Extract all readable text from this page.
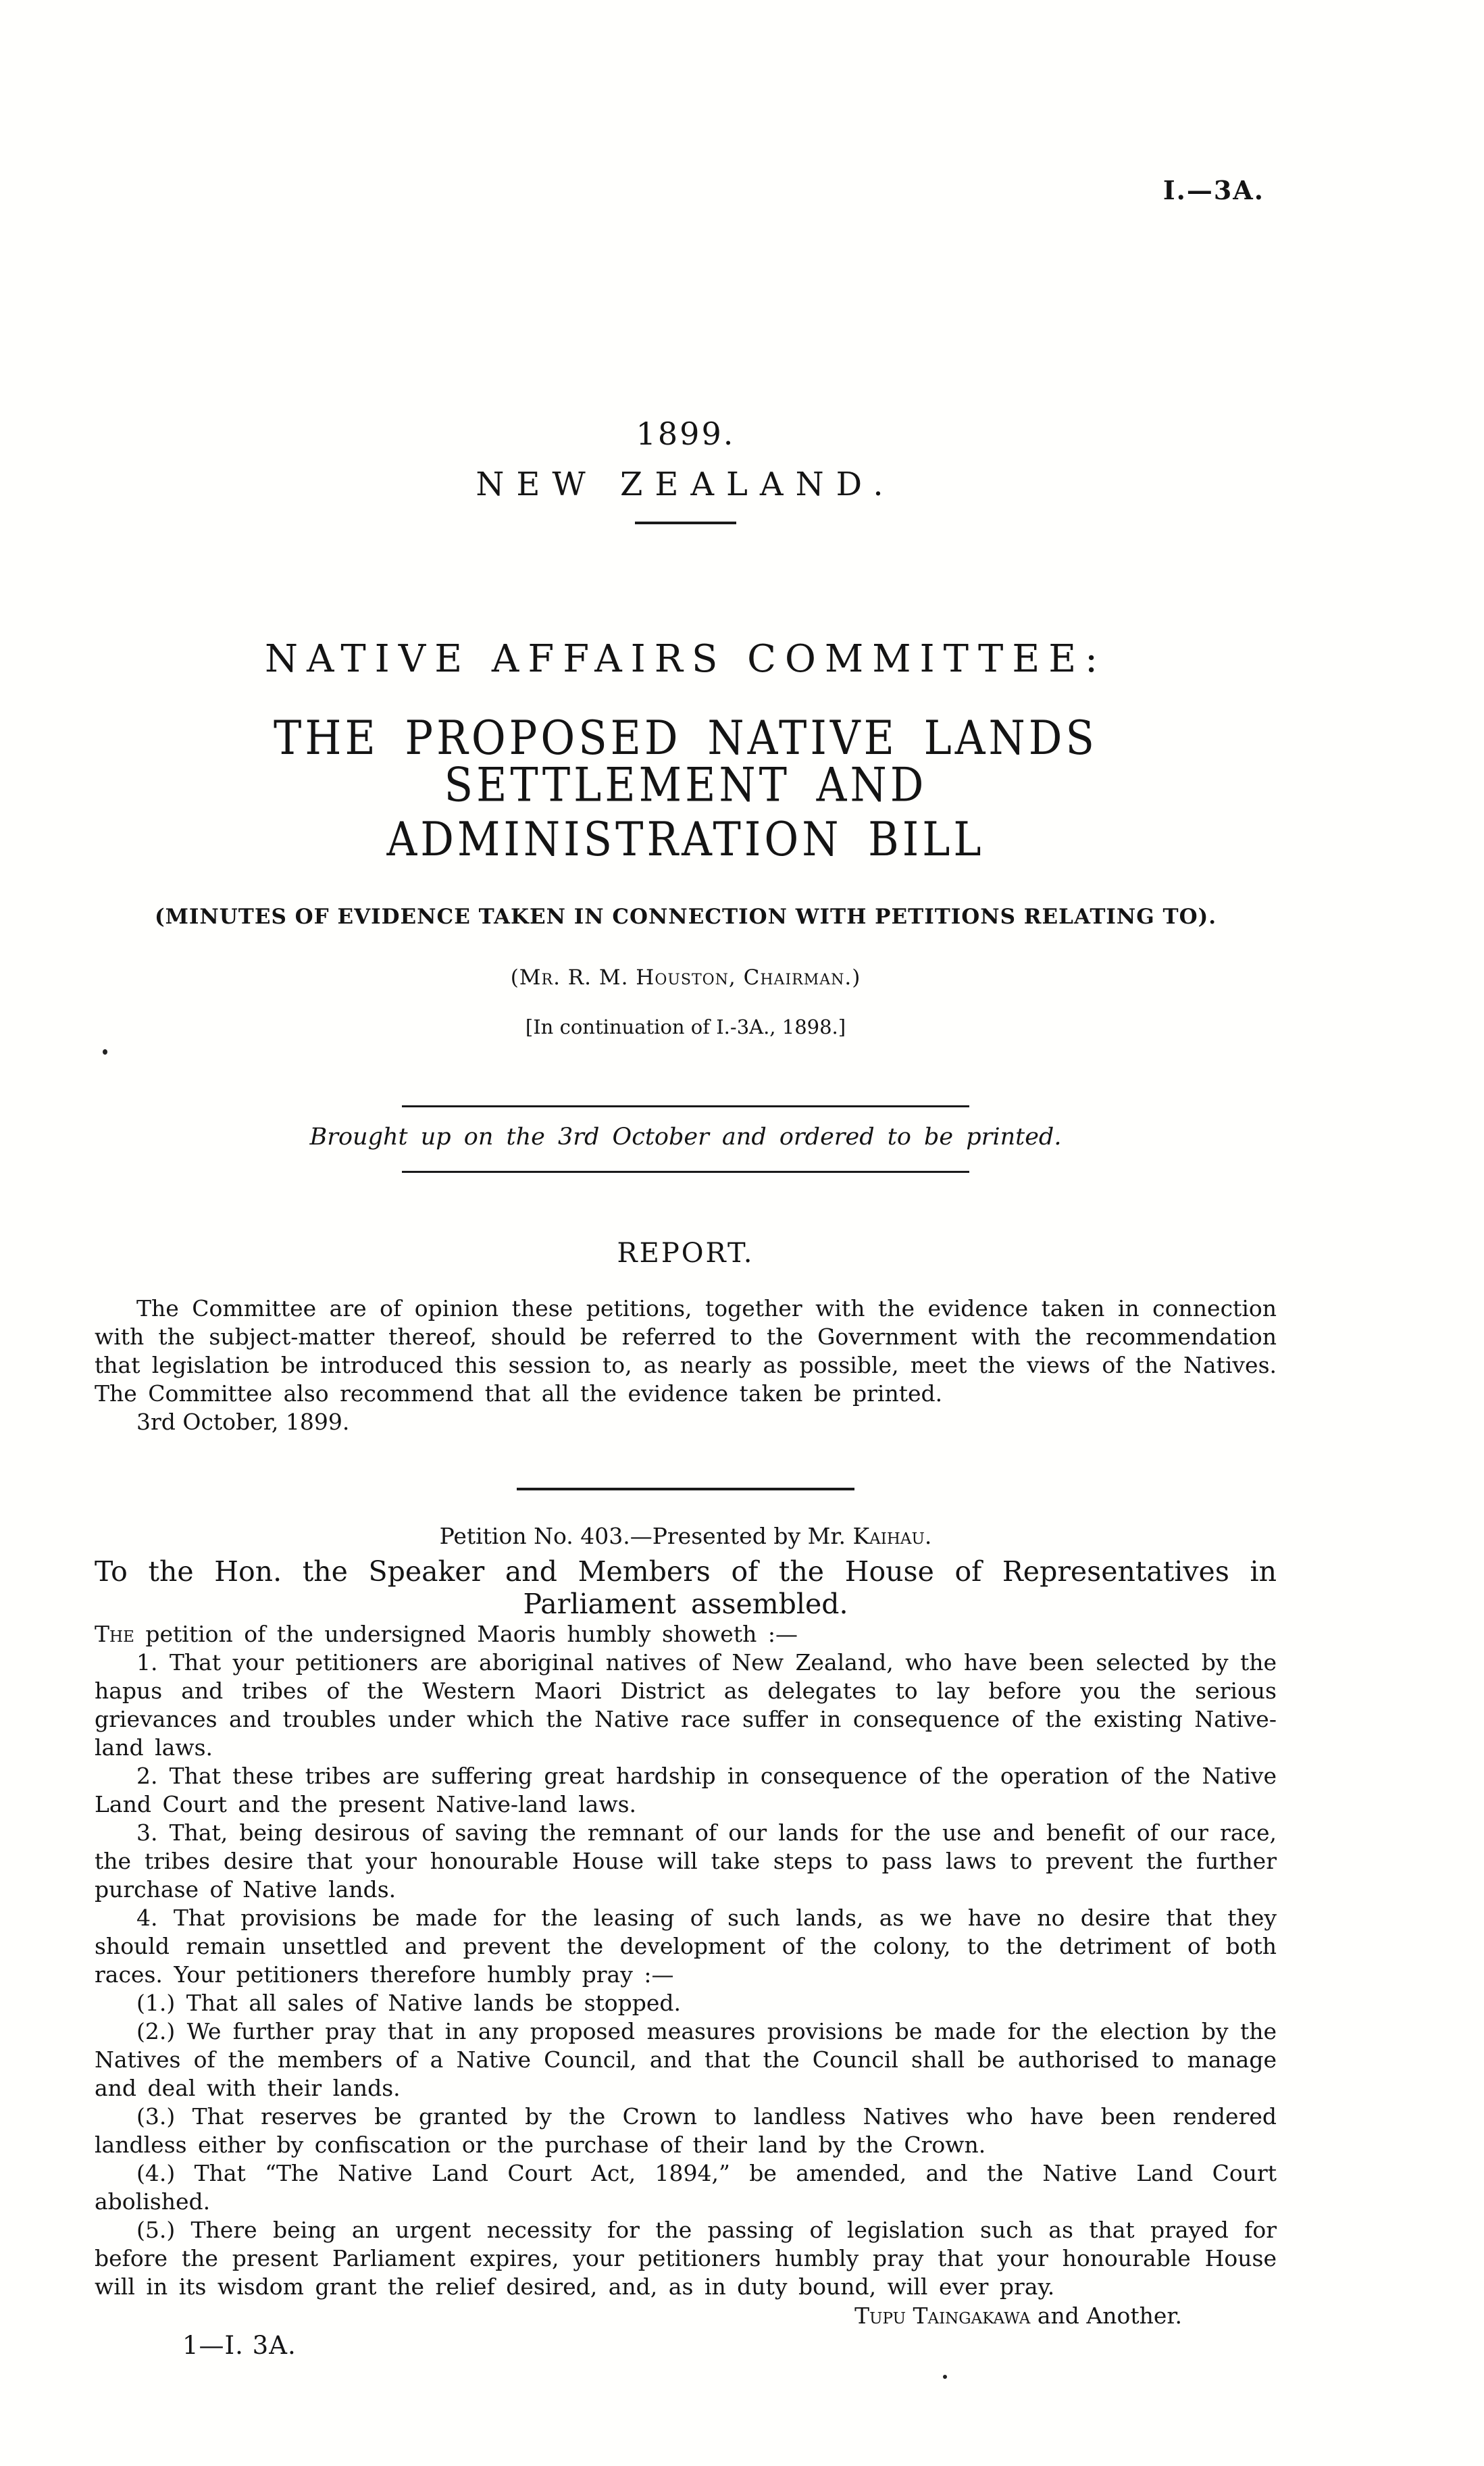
I.—3A.
1899.
NEW ZEALAND.
NATIVE AFFAIRS COMMITTEE:
THE PROPOSED NATIVE LANDS SETTLEMENT AND
ADMINISTRATION BILL
(MINUTES OF EVIDENCE TAKEN IN CONNECTION WITH PETITIONS RELATING TO).
(Mr. R. M. Houston, Chairman.)
[In continuation of I.-3A., 1898.]
Brought up on the 3rd October and ordered to be printed.
REPORT.

The Committee are of opinion these petitions, together with the evidence taken in connection with the subject-matter thereof, should be referred to the Government with the recommendation that legislation be introduced this session to, as nearly as possible, meet the views of the Natives. The Committee also recommend that all the evidence taken be printed.

3rd October, 1899.

Petition No. 403.—Presented by Mr. Kaihau.
To the Hon. the Speaker and Members of the House of Representatives in Parliament assembled.

The petition of the undersigned Maoris humbly showeth :—

1. That your petitioners are aboriginal natives of New Zealand, who have been selected by the hapus and tribes of the Western Maori District as delegates to lay before you the serious grievances and troubles under which the Native race suffer in consequence of the existing Native-land laws.

2. That these tribes are suffering great hardship in consequence of the operation of the Native Land Court and the present Native-land laws.

3. That, being desirous of saving the remnant of our lands for the use and benefit of our race, the tribes desire that your honourable House will take steps to pass laws to prevent the further purchase of Native lands.

4. That provisions be made for the leasing of such lands, as we have no desire that they should remain unsettled and prevent the development of the colony, to the detriment of both races. Your petitioners therefore humbly pray :—

(1.) That all sales of Native lands be stopped.

(2.) We further pray that in any proposed measures provisions be made for the election by the Natives of the members of a Native Council, and that the Council shall be authorised to manage and deal with their lands.

(3.) That reserves be granted by the Crown to landless Natives who have been rendered landless either by confiscation or the purchase of their land by the Crown.

(4.) That “The Native Land Court Act, 1894,” be amended, and the Native Land Court abolished.

(5.) There being an urgent necessity for the passing of legislation such as that prayed for before the present Parliament expires, your petitioners humbly pray that your honourable House will in its wisdom grant the relief desired, and, as in duty bound, will ever pray.

Tupu Taingakawa and Another.
1—I. 3A.
